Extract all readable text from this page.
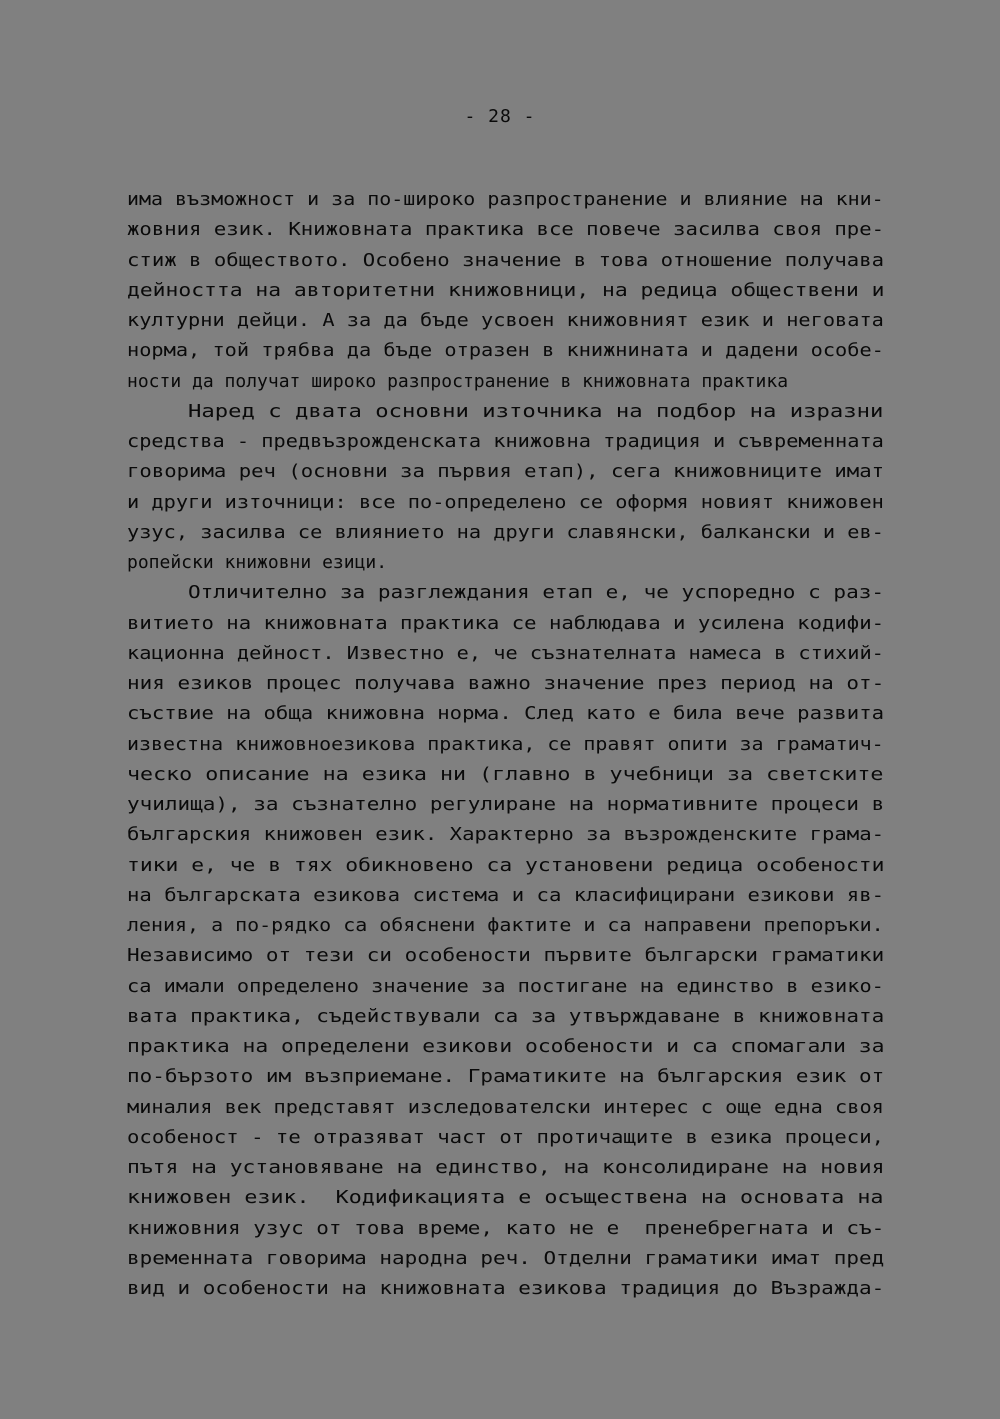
- 28 -
има възможност и за по-широко разпространение и влияние на кни-
жовния език. Книжовната практика все повече засилва своя пре-
стиж в обществото. Особено значение в това отношение получава
дейността на авторитетни книжовници, на редица обществени и
културни дейци. А за да бъде усвоен книжовният език и неговата
норма, той трябва да бъде отразен в книжнината и дадени особе-
ности да получат широко разпространение в книжовната практика
Наред с двата основни източника на подбор на изразни
средства - предвъзрожденската книжовна традиция и съвременната
говорима реч (основни за първия етап), сега книжовниците имат
и други източници: все по-определено се оформя новият книжовен
узус, засилва се влиянието на други славянски, балкански и ев-
ропейски книжовни езици.
Отличително за разглеждания етап е, че успоредно с раз-
витието на книжовната практика се наблюдава и усилена кодифи-
кационна дейност. Известно е, че съзнателната намеса в стихий-
ния езиков процес получава важно значение през период на от-
съствие на обща книжовна норма. След като е била вече развита
известна книжовноезикова практика, се правят опити за граматич-
ческо описание на езика ни (главно в учебници за светските
училища), за съзнателно регулиране на нормативните процеси в
българския книжовен език. Характерно за възрожденските грама-
тики е, че в тях обикновено са установени редица особености
на българската езикова система и са класифицирани езикови яв-
ления, а по-рядко са обяснени фактите и са направени препоръки.
Независимо от тези си особености първите български граматики
са имали определено значение за постигане на единство в езико-
вата практика, съдействували са за утвърждаване в книжовната
практика на определени езикови особености и са спомагали за
по-бързото им възприемане. Граматиките на българския език от
миналия век представят изследователски интерес с още една своя
особеност - те отразяват част от протичащите в езика процеси,
пътя на установяване на единство, на консолидиране на новия
книжовен език.  Кодификацията е осъществена на основата на
книжовния узус от това време, като не е  пренебрегната и съ-
временната говорима народна реч. Отделни граматики имат пред
вид и особености на книжовната езикова традиция до Възражда-
